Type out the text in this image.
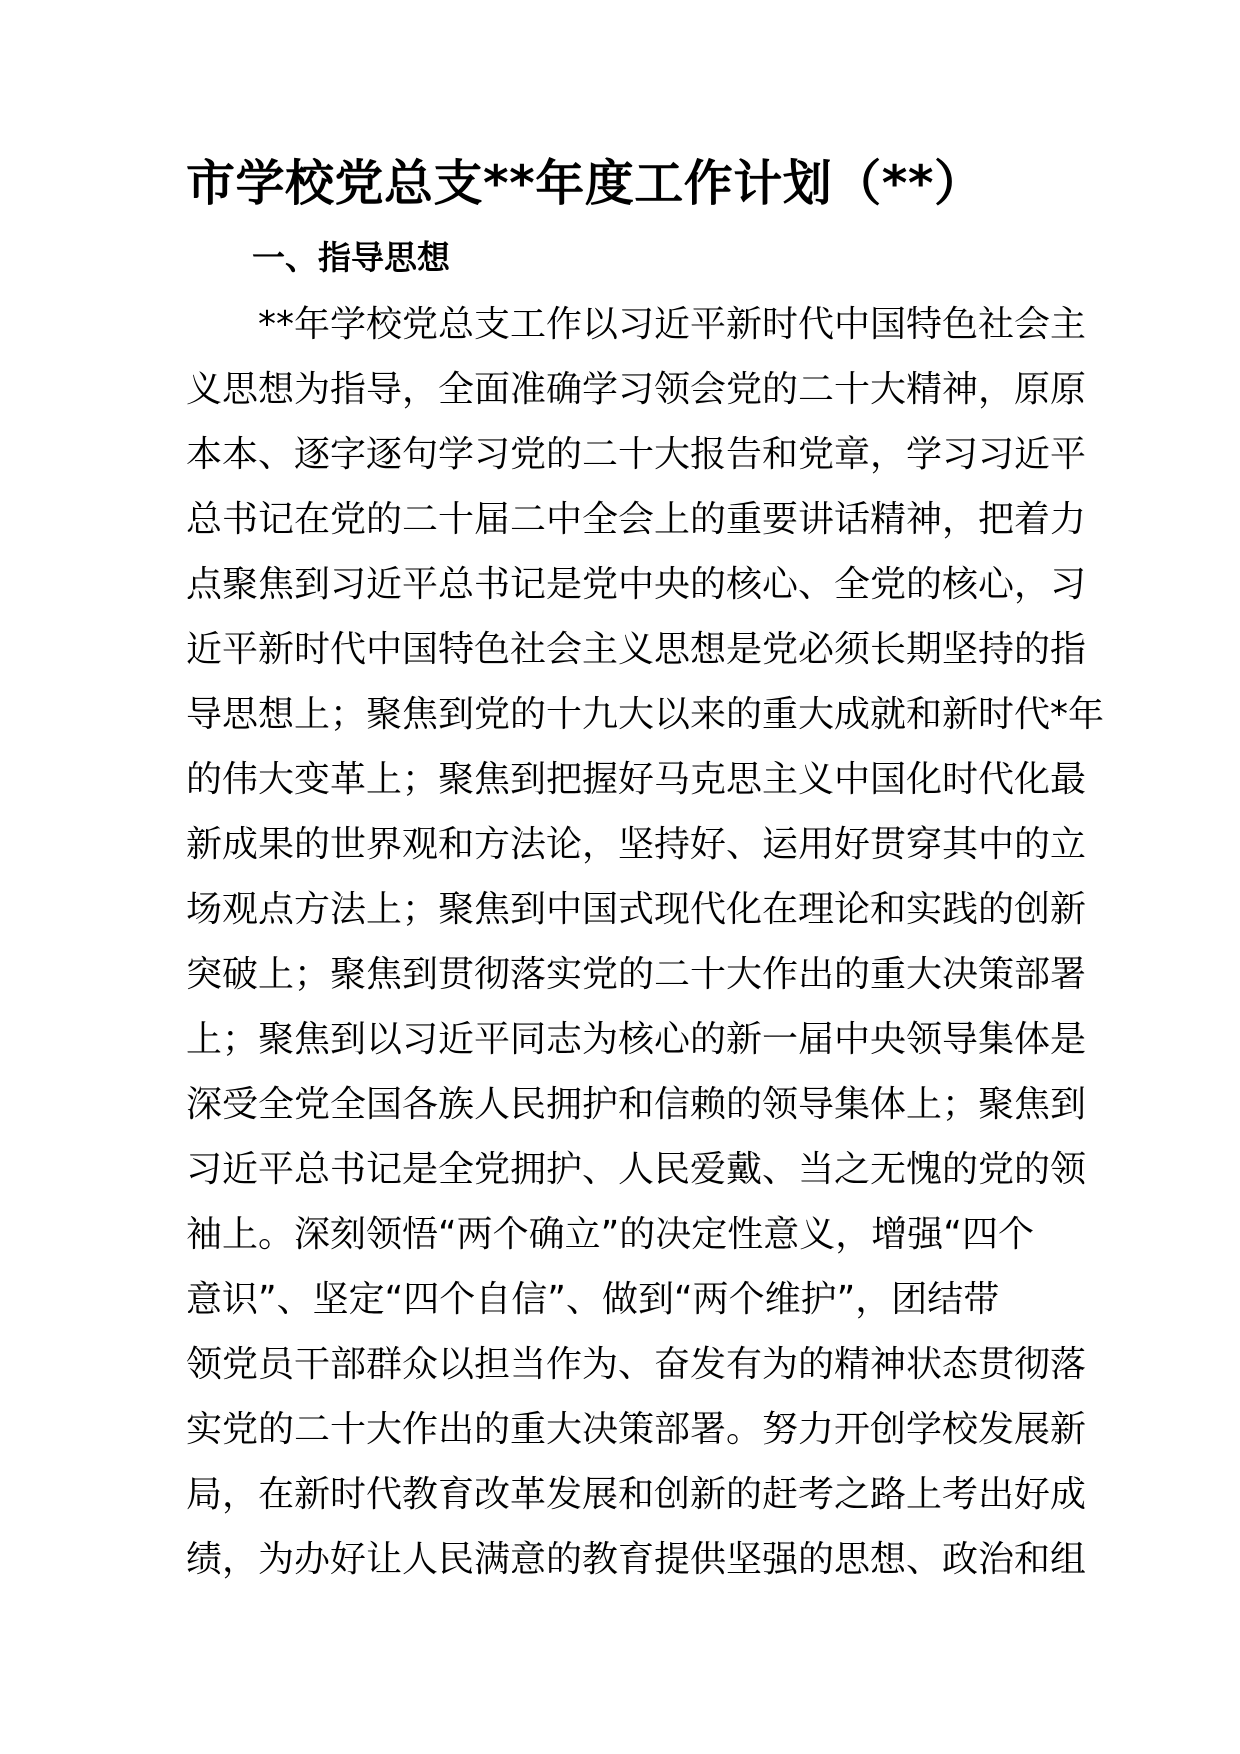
市学校党总支**年度工作计划（**）
一、指导思想
**年学校党总支工作以习近平新时代中国特色社会主
义思想为指导，全面准确学习领会党的二十大精神，原原
本本、逐字逐句学习党的二十大报告和党章，学习习近平
总书记在党的二十届二中全会上的重要讲话精神，把着力
点聚焦到习近平总书记是党中央的核心、全党的核心，习
近平新时代中国特色社会主义思想是党必须长期坚持的指
导思想上；聚焦到党的十九大以来的重大成就和新时代*年
的伟大变革上；聚焦到把握好马克思主义中国化时代化最
新成果的世界观和方法论，坚持好、运用好贯穿其中的立
场观点方法上；聚焦到中国式现代化在理论和实践的创新
突破上；聚焦到贯彻落实党的二十大作出的重大决策部署
上；聚焦到以习近平同志为核心的新一届中央领导集体是
深受全党全国各族人民拥护和信赖的领导集体上；聚焦到
习近平总书记是全党拥护、人民爱戴、当之无愧的党的领
袖上。深刻领悟“两个确立”的决定性意义，增强“四个
意识”、坚定“四个自信”、做到“两个维护”，团结带
领党员干部群众以担当作为、奋发有为的精神状态贯彻落
实党的二十大作出的重大决策部署。努力开创学校发展新
局，在新时代教育改革发展和创新的赶考之路上考出好成
绩，为办好让人民满意的教育提供坚强的思想、政治和组
